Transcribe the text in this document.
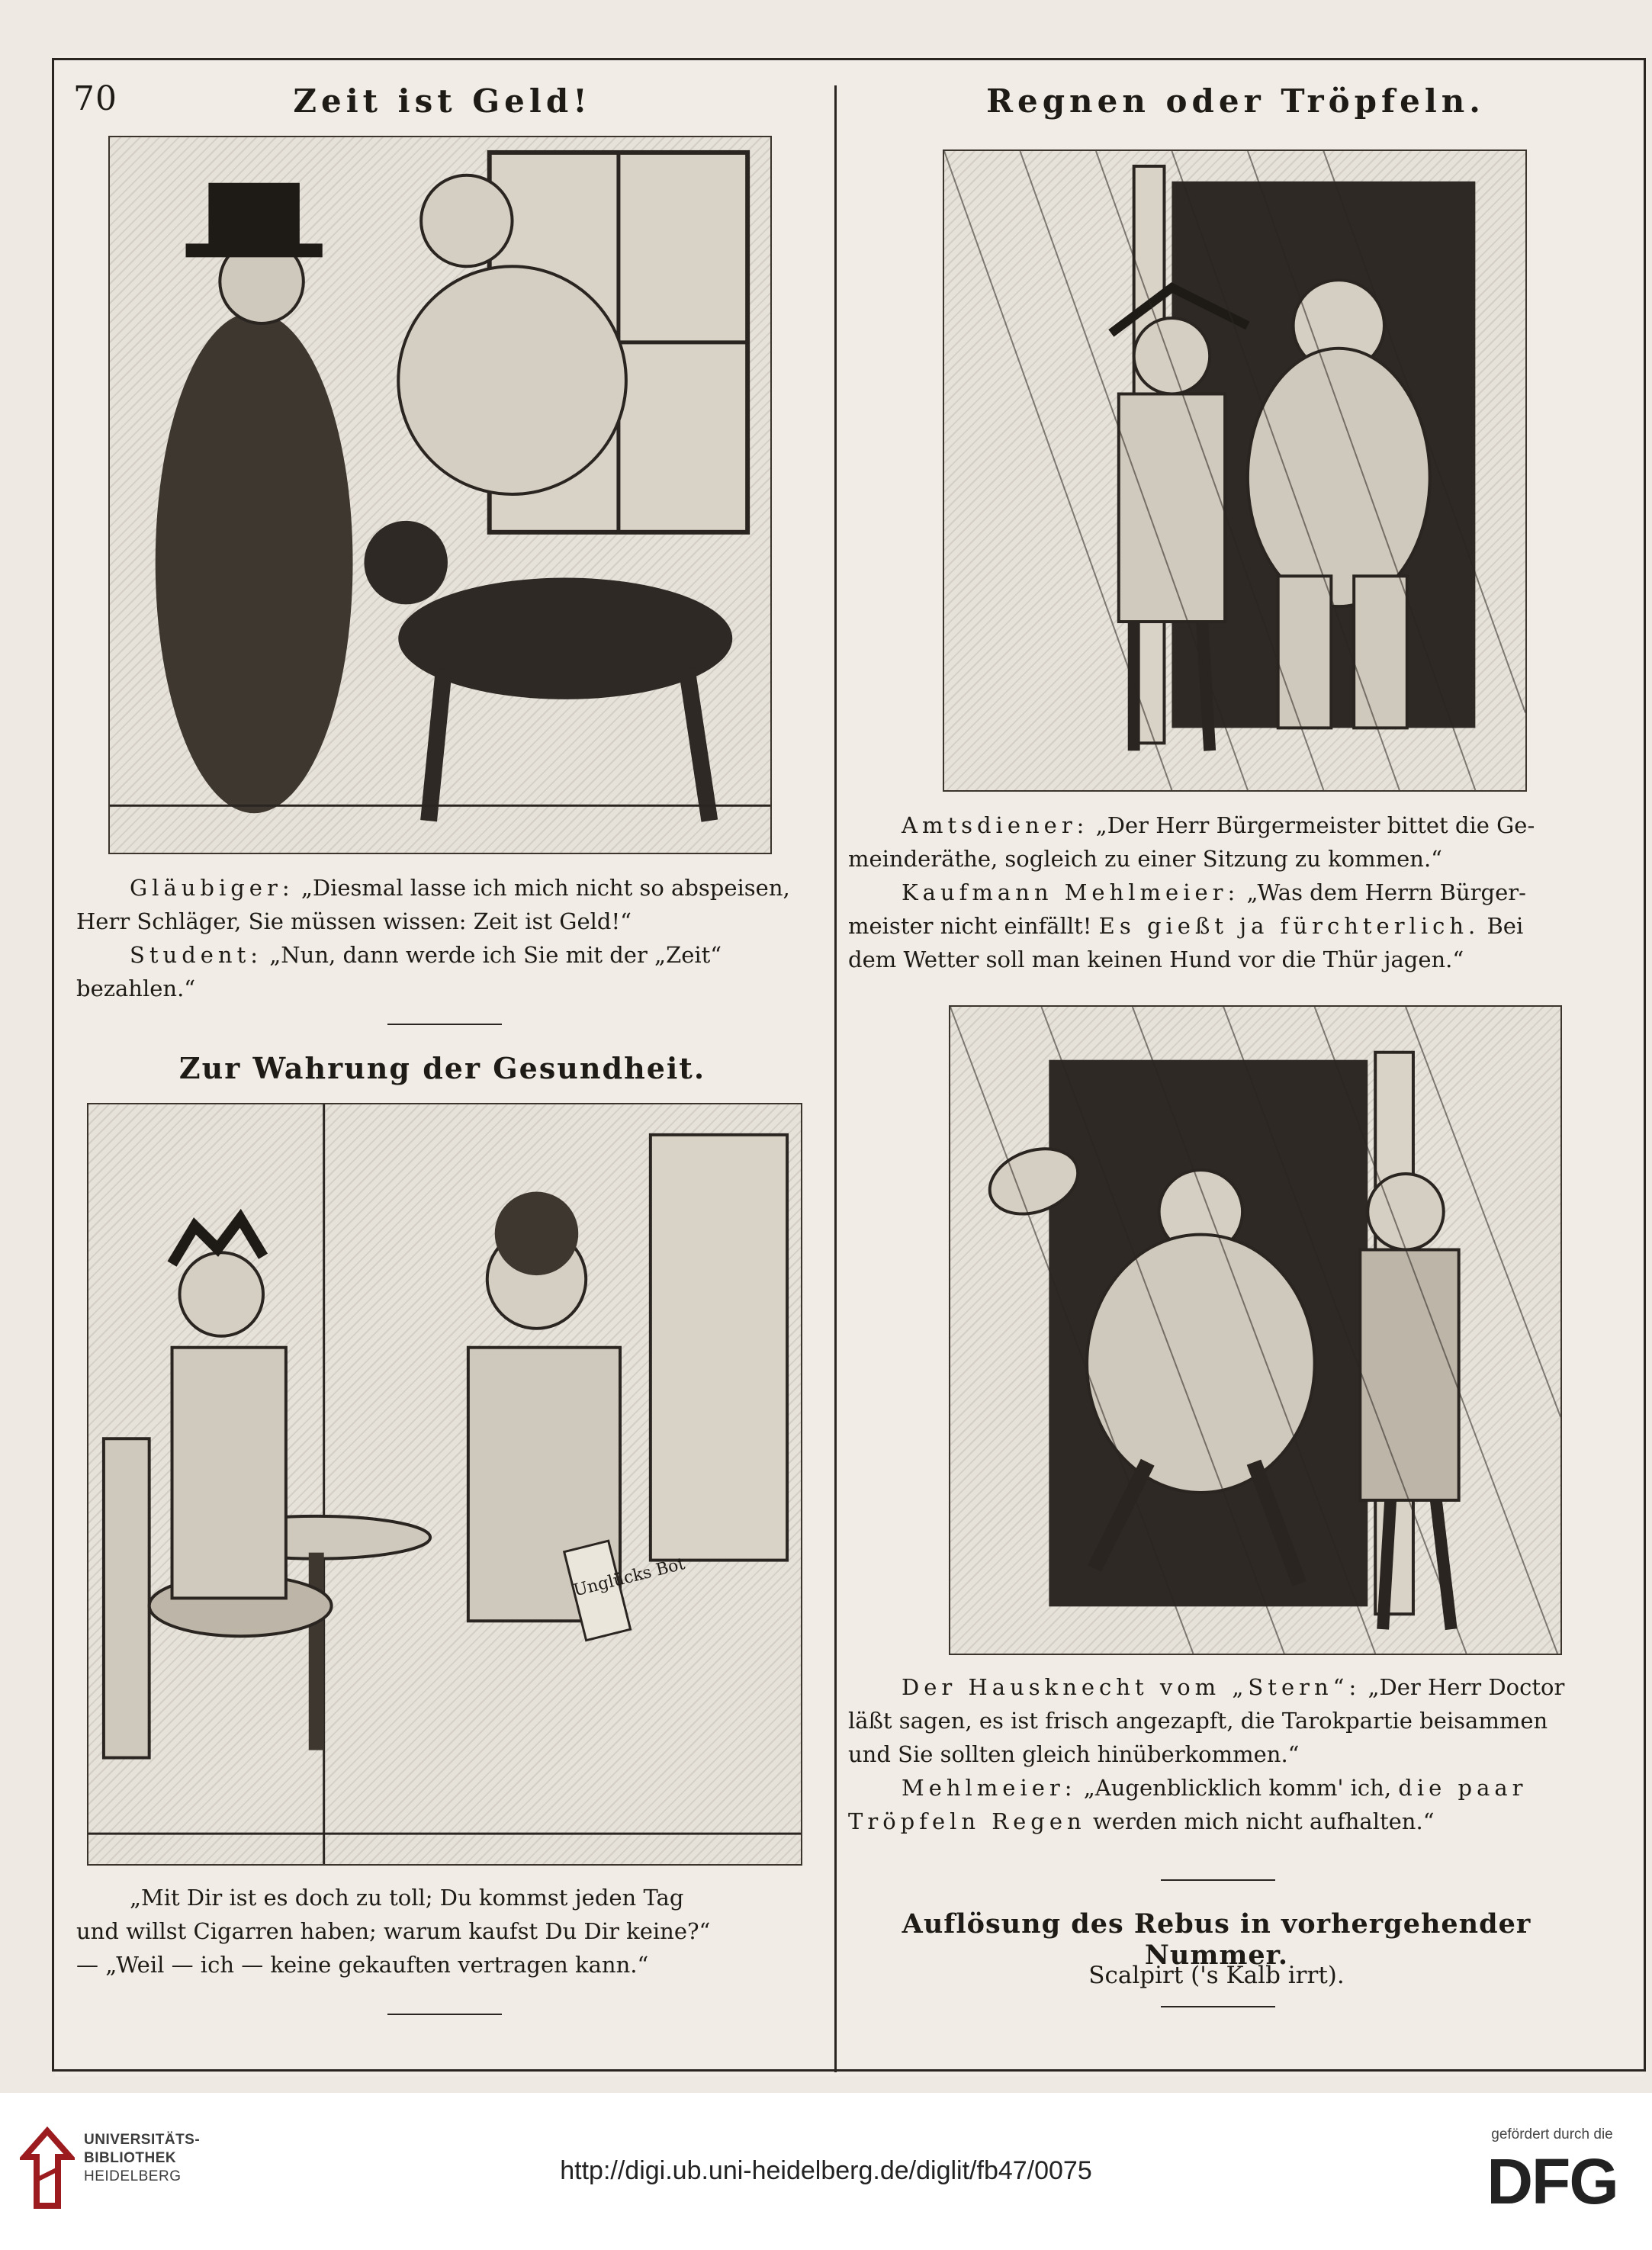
70	Zeit ist Geld!

Gläubiger: „Diesmal lasse ich mich nicht so abspeisen,

Herr Schläger, Sie müssen wissen: Zeit ist Geld!“

Student: „Nun, dann werde ich Sie mit der „Zeit“

bezahlen.“

Zur Wahrung der Gesundheit.
Unglücks Bot

„Mit Dir ist es doch zu toll; Du kommst jeden Tag

und willst Cigarren haben; warum kaufst Du Dir keine?“

— „Weil — ich — keine gekauften vertragen kann.“

Regnen oder Tröpfeln.

Amtsdiener: „Der Herr Bürgermeister bittet die Ge-

meinderäthe, sogleich zu einer Sitzung zu kommen.“

Kaufmann Mehlmeier: „Was dem Herrn Bürger-

meister nicht einfällt! Es gießt ja fürchterlich. Bei

dem Wetter soll man keinen Hund vor die Thür jagen.“

Der Hausknecht vom „Stern“: „Der Herr Doctor

läßt sagen, es ist frisch angezapft, die Tarokpartie beisammen

und Sie sollten gleich hinüberkommen.“

Mehlmeier: „Augenblicklich komm' ich, die paar

Tröpfeln Regen werden mich nicht aufhalten.“

Auflösung des Rebus in vorhergehender Nummer.
Scalpirt ('s Kalb irrt).
UNIVERSITÄTS-
BIBLIOTHEK
HEIDELBERG	http://digi.ub.uni-heidelberg.de/diglit/fb47/0075
gefördert durch die
DFG
